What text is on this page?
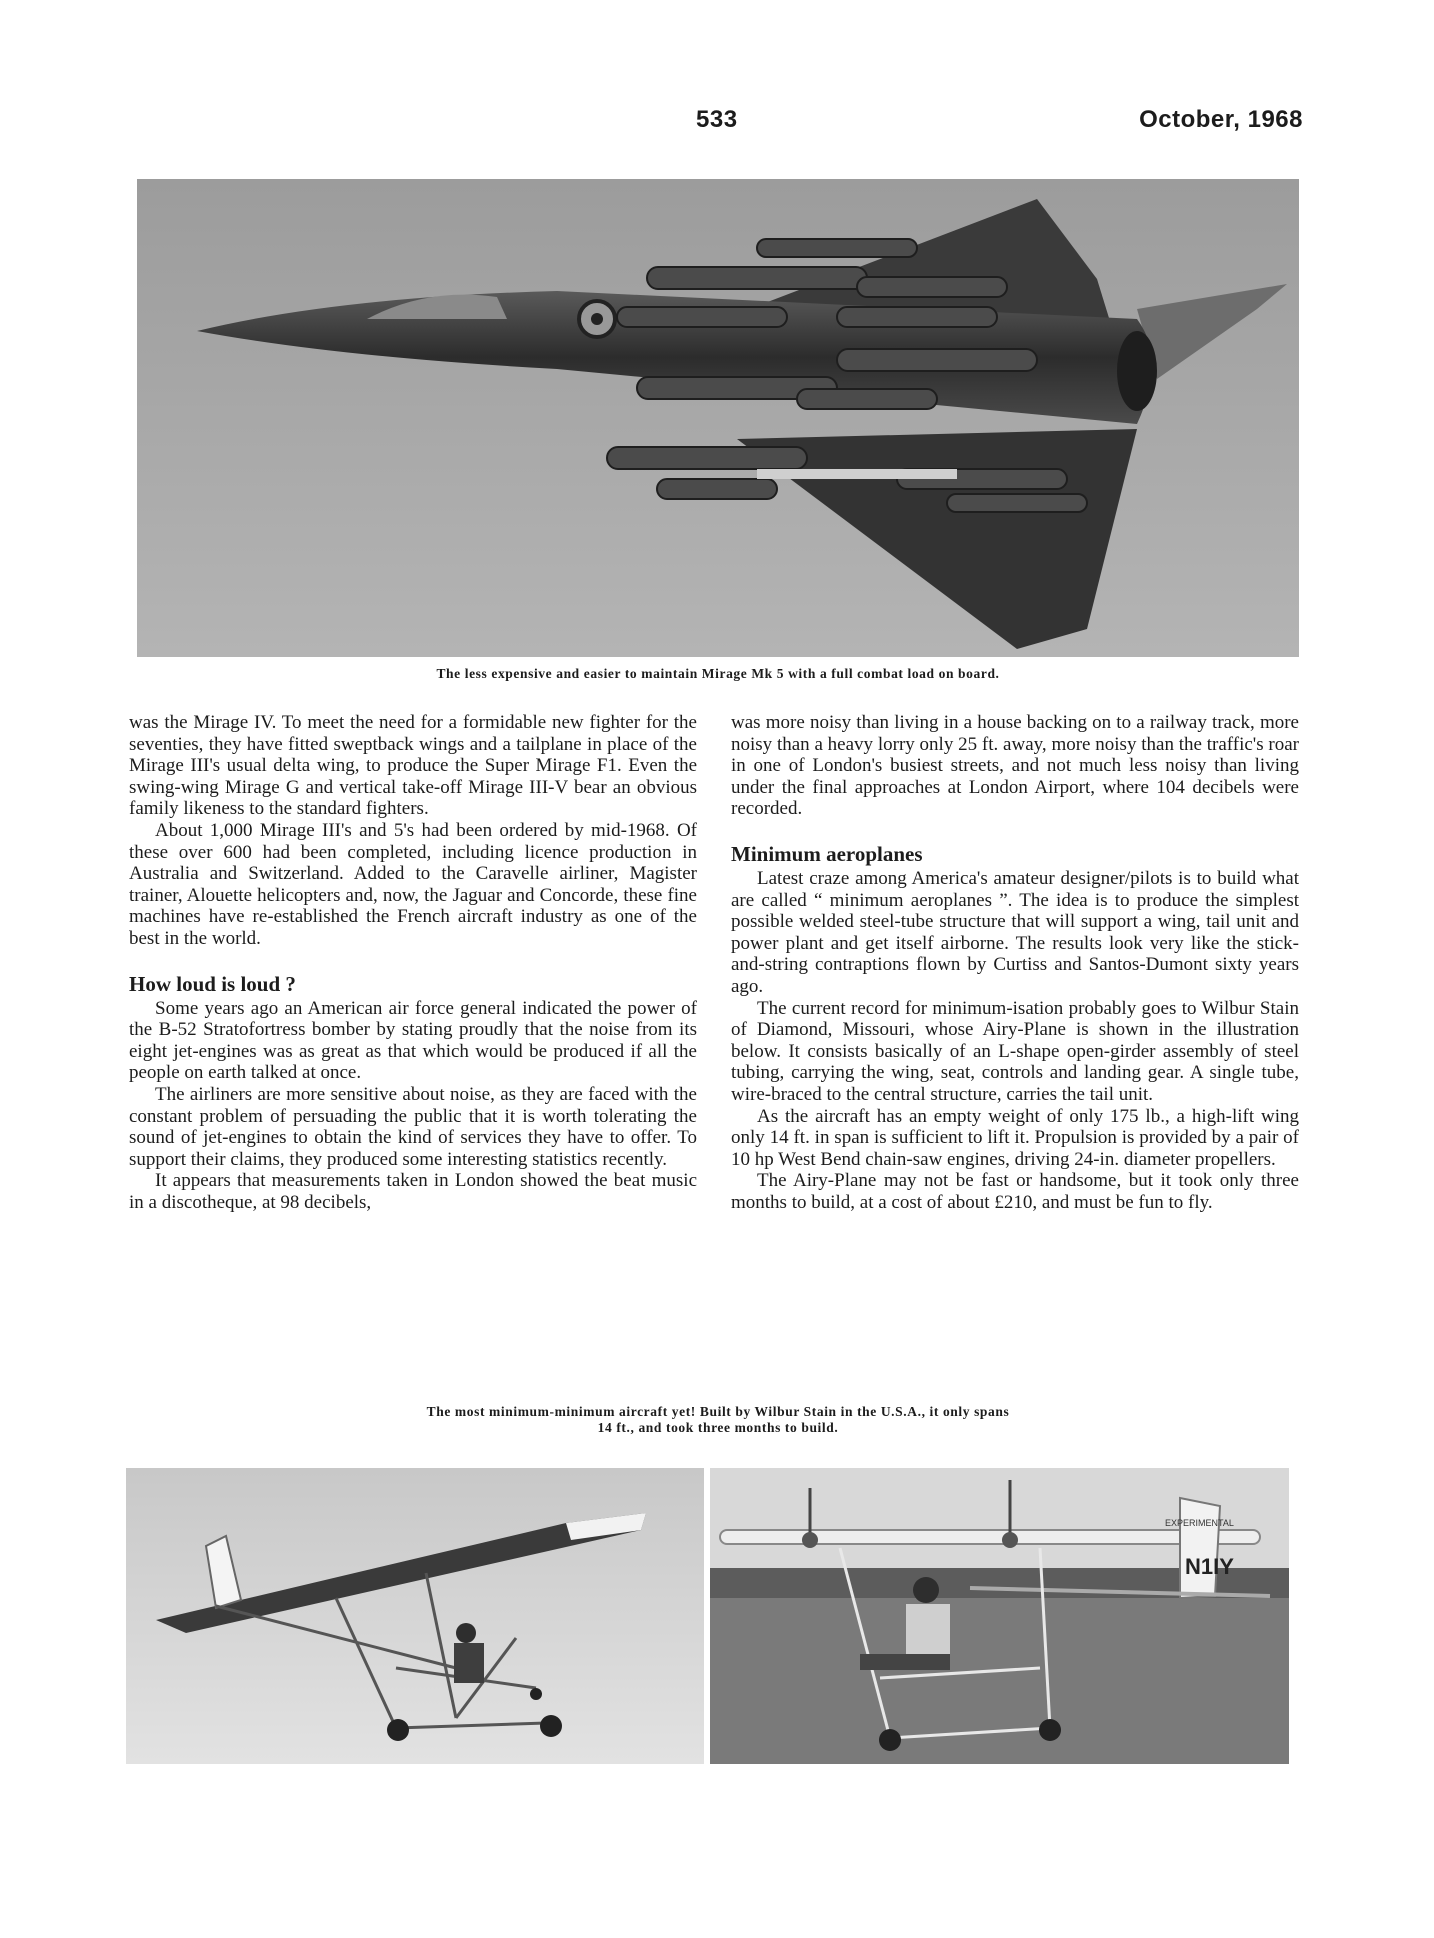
533	October, 1968
The less expensive and easier to maintain Mirage Mk 5 with a full combat load on board.

was the Mirage IV. To meet the need for a formidable new fighter for the seventies, they have fitted sweptback wings and a tailplane in place of the Mirage III's usual delta wing, to produce the Super Mirage F1. Even the swing-wing Mirage G and vertical take-off Mirage III-V bear an obvious family likeness to the standard fighters.

About 1,000 Mirage III's and 5's had been ordered by mid-1968. Of these over 600 had been completed, including licence production in Australia and Switzerland. Added to the Caravelle airliner, Magister trainer, Alouette helicopters and, now, the Jaguar and Concorde, these fine machines have re-established the French aircraft industry as one of the best in the world.

How loud is loud ?

Some years ago an American air force general indicated the power of the B-52 Stratofortress bomber by stating proudly that the noise from its eight jet-engines was as great as that which would be produced if all the people on earth talked at once.

The airliners are more sensitive about noise, as they are faced with the constant problem of persuading the public that it is worth tolerating the sound of jet-engines to obtain the kind of services they have to offer. To support their claims, they produced some interesting statistics recently.

It appears that measurements taken in London showed the beat music in a discotheque, at 98 decibels,

was more noisy than living in a house backing on to a railway track, more noisy than a heavy lorry only 25 ft. away, more noisy than the traffic's roar in one of London's busiest streets, and not much less noisy than living under the final approaches at London Airport, where 104 decibels were recorded.

Minimum aeroplanes

Latest craze among America's amateur designer/pilots is to build what are called “ minimum aeroplanes ”. The idea is to produce the simplest possible welded steel-tube structure that will support a wing, tail unit and power plant and get itself airborne. The results look very like the stick-and-string contraptions flown by Curtiss and Santos-Dumont sixty years ago.

The current record for minimum-isation probably goes to Wilbur Stain of Diamond, Missouri, whose Airy-Plane is shown in the illustration below. It consists basically of an L-shape open-girder assembly of steel tubing, carrying the wing, seat, controls and landing gear. A single tube, wire-braced to the central structure, carries the tail unit.

As the aircraft has an empty weight of only 175 lb., a high-lift wing only 14 ft. in span is sufficient to lift it. Propulsion is provided by a pair of 10 hp West Bend chain-saw engines, driving 24-in. diameter propellers.

The Airy-Plane may not be fast or handsome, but it took only three months to build, at a cost of about £210, and must be fun to fly.

The most minimum-minimum aircraft yet! Built by Wilbur Stain in the U.S.A., it only spans 14 ft., and took three months to build.
N1IY
EXPERIMENTAL
